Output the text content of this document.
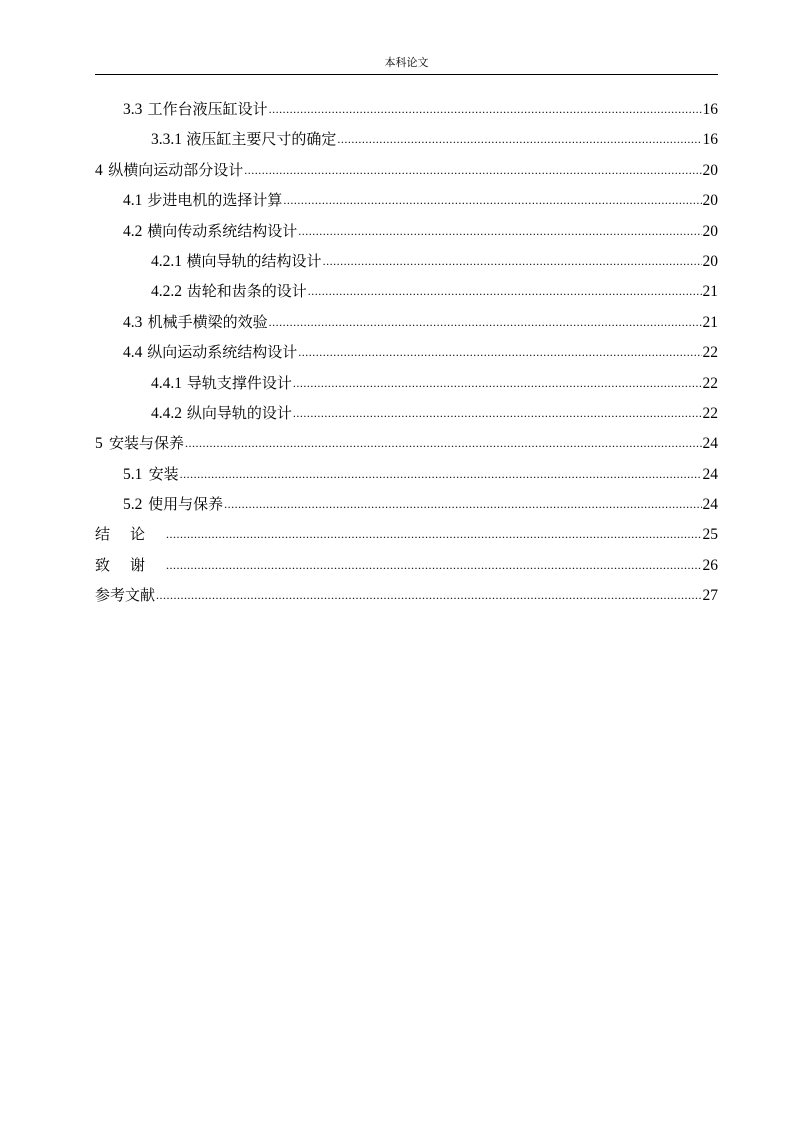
本科论文
3.3 工作台液压缸设计 .....	16
3.3.1 液压缸主要尺寸的确定 .....	16
4 纵横向运动部分设计 .....	20
4.1 步进电机的选择计算 .....	20
4.2 横向传动系统结构设计 .....	20
4.2.1 横向导轨的结构设计 .....	20
4.2.2 齿轮和齿条的设计 .....	21
4.3 机械手横梁的效验 .....	21
4.4 纵向运动系统结构设计 .....	22
4.4.1 导轨支撑件设计 .....	22
4.4.2 纵向导轨的设计 .....	22
5 安装与保养 .....	24
5.1 安装 .....	24
5.2 使用与保养 .....	24
结论 .....	25
致谢 .....	26
参考文献 .....	27
